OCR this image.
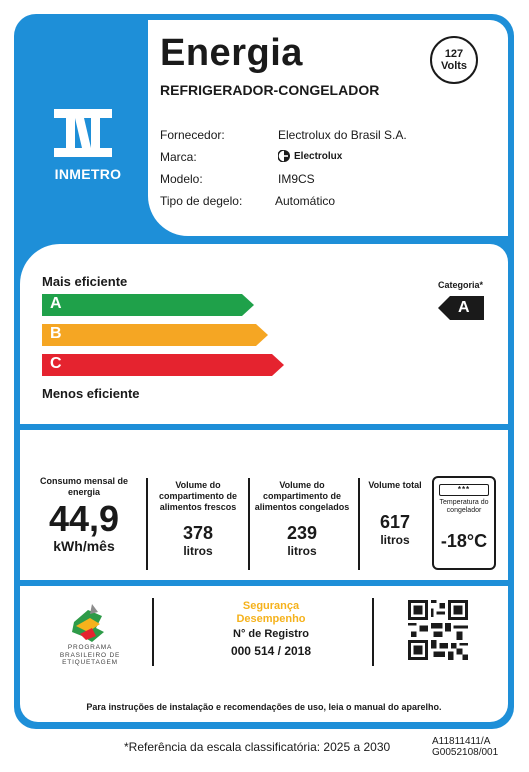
INMETRO
Energia
REFRIGERADOR-CONGELADOR
127
Volts
Fornecedor:	Electrolux do Brasil S.A.
Marca:	Electrolux
Modelo:	IM9CS
Tipo de degelo:	Automático
Mais eficiente
A
B
C
Menos eficiente
Categoria*
A
Consumo mensal de energia
44,9
kWh/mês
Volume do compartimento de alimentos frescos
378
litros
Volume do compartimento de alimentos congelados
239
litros
Volume total
617
litros
***
Temperatura do congelador
-18°C
PROGRAMA BRASILEIRO DE ETIQUETAGEM
Segurança
Desempenho
N° de Registro
000 514 / 2018
Para instruções de instalação e recomendações de uso, leia o manual do aparelho.
*Referência da escala classificatória: 2025 a 2030	A11811411/A
G0052108/001
